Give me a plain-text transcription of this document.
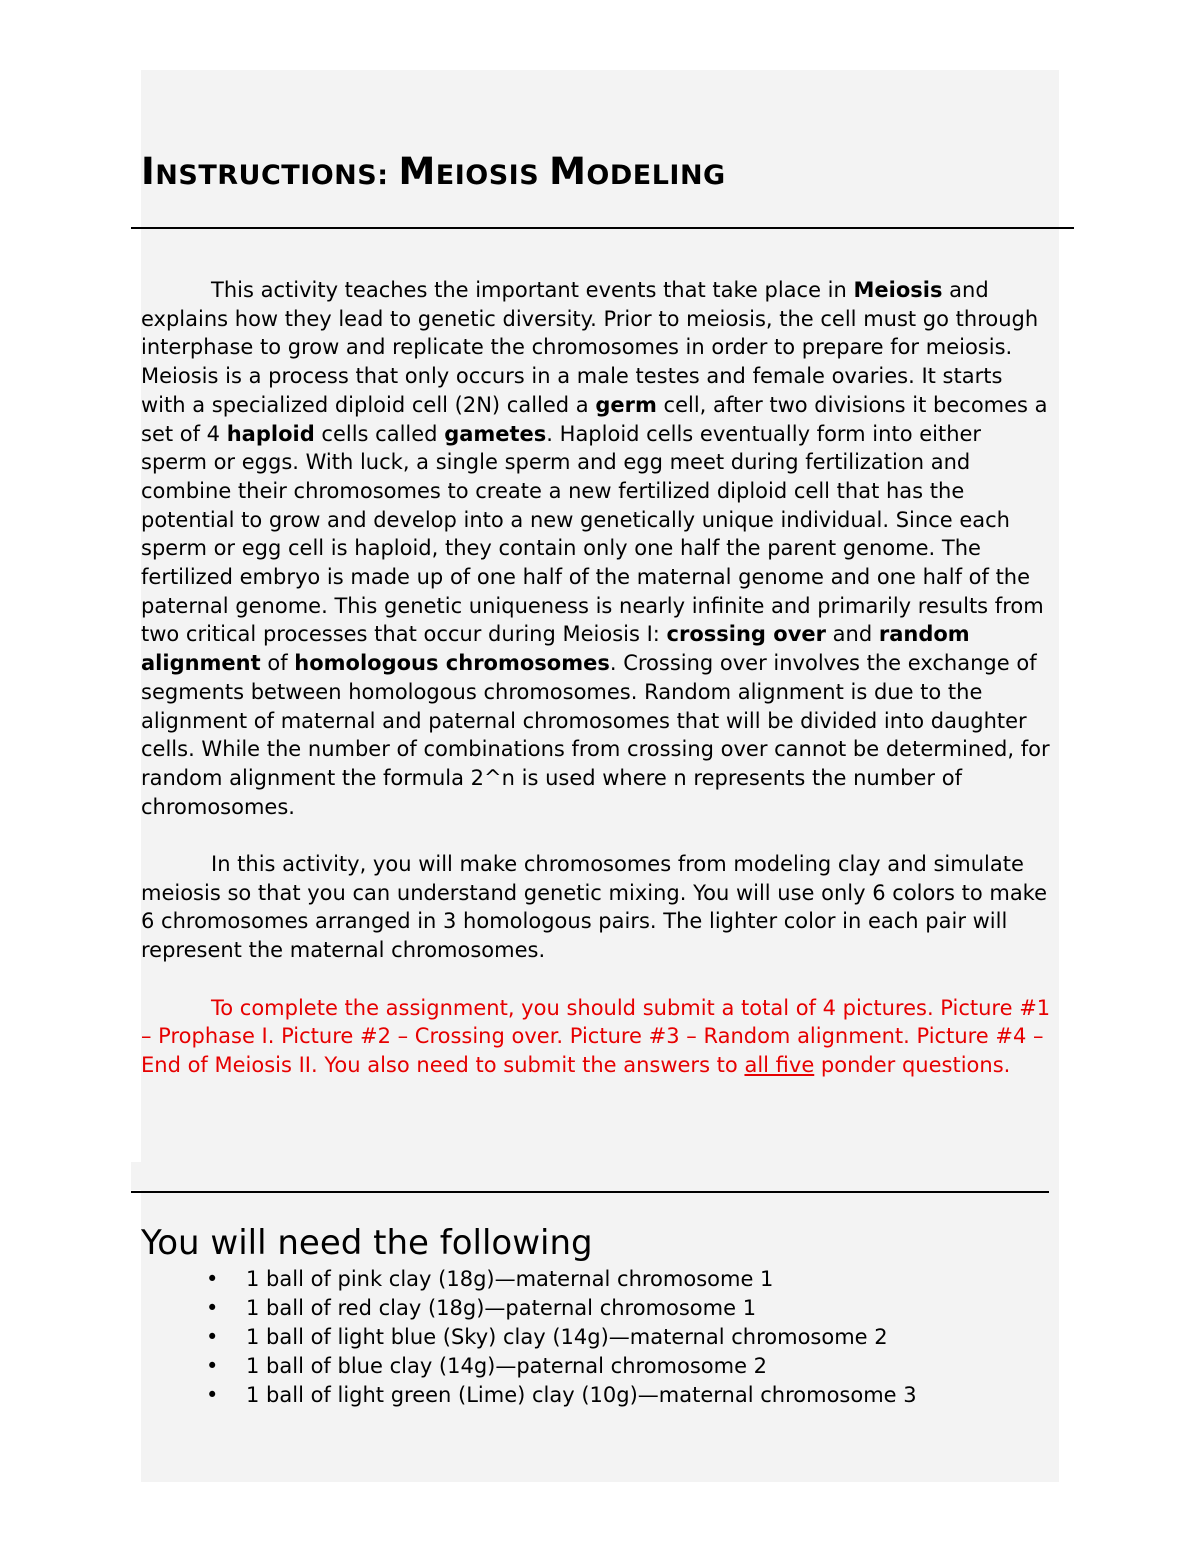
INSTRUCTIONS: MEIOSIS MODELING

This activity teaches the important events that take place in Meiosis and explains how they lead to genetic diversity. Prior to meiosis, the cell must go through interphase to grow and replicate the chromosomes in order to prepare for meiosis. Meiosis is a process that only occurs in a male testes and female ovaries. It starts with a specialized diploid cell (2N) called a germ cell, after two divisions it becomes a set of 4 haploid cells called gametes. Haploid cells eventually form into either sperm or eggs. With luck, a single sperm and egg meet during fertilization and combine their chromosomes to create a new fertilized diploid cell that has the potential to grow and develop into a new genetically unique individual. Since each sperm or egg cell is haploid, they contain only one half the parent genome. The fertilized embryo is made up of one half of the maternal genome and one half of the paternal genome. This genetic uniqueness is nearly infinite and primarily results from two critical processes that occur during Meiosis I: crossing over and random alignment of homologous chromosomes. Crossing over involves the exchange of segments between homologous chromosomes. Random alignment is due to the alignment of maternal and paternal chromosomes that will be divided into daughter cells. While the number of combinations from crossing over cannot be determined, for random alignment the formula 2^n is used where n represents the number of chromosomes.

In this activity, you will make chromosomes from modeling clay and simulate meiosis so that you can understand genetic mixing. You will use only 6 colors to make 6 chromosomes arranged in 3 homologous pairs. The lighter color in each pair will represent the maternal chromosomes.

To complete the assignment, you should submit a total of 4 pictures. Picture #1 – Prophase I. Picture #2 – Crossing over. Picture #3 – Random alignment. Picture #4 – End of Meiosis II. You also need to submit the answers to all five ponder questions.

You will need the following
•	1 ball of pink clay (18g)—maternal chromosome 1
•	1 ball of red clay (18g)—paternal chromosome 1
•	1 ball of light blue (Sky) clay (14g)—maternal chromosome 2
•	1 ball of blue clay (14g)—paternal chromosome 2
•	1 ball of light green (Lime) clay (10g)—maternal chromosome 3
